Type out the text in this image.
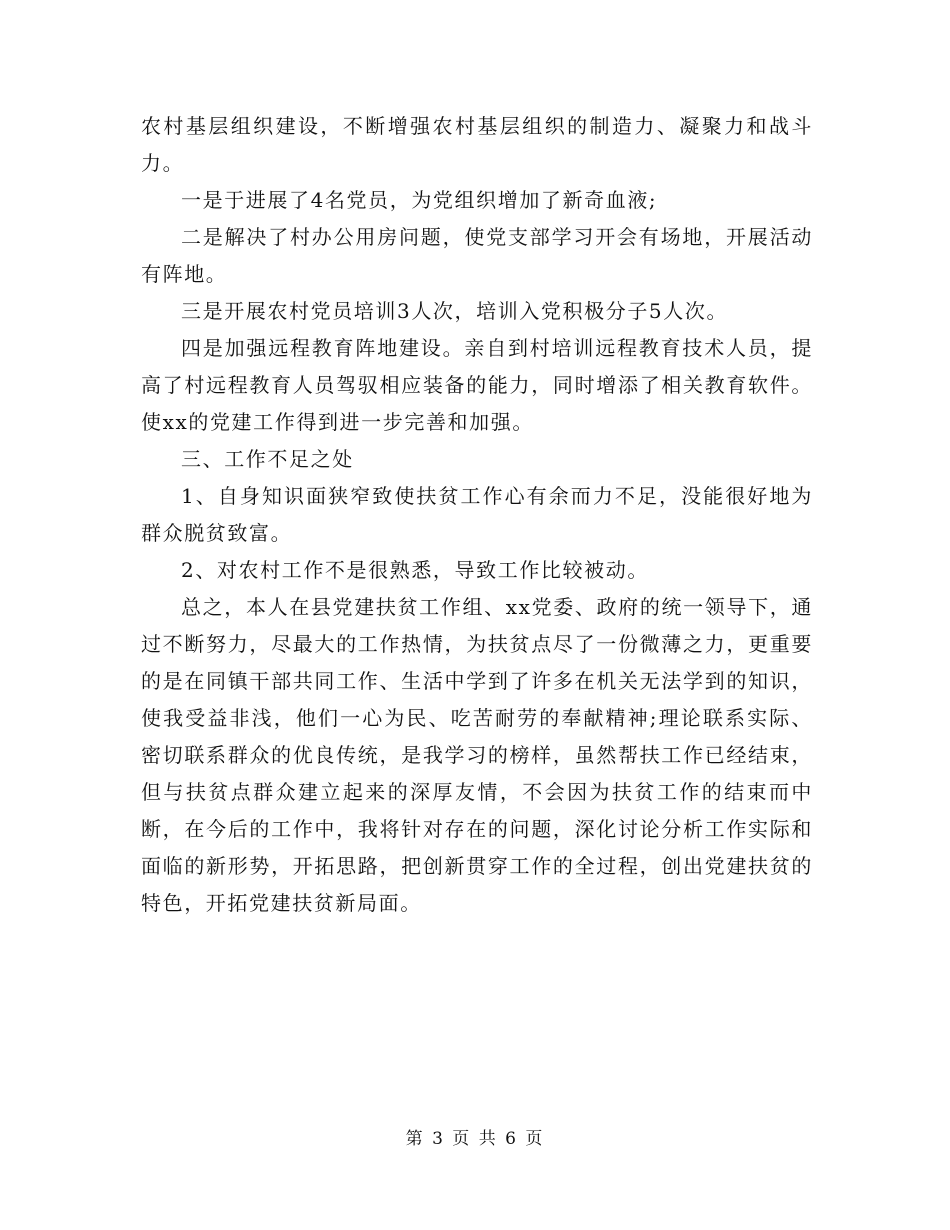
农村基层组织建设，不断增强农村基层组织的制造力、凝聚力和战斗力。

一是于进展了4名党员，为党组织增加了新奇血液;

二是解决了村办公用房问题，使党支部学习开会有场地，开展活动有阵地。

三是开展农村党员培训3人次，培训入党积极分子5人次。

四是加强远程教育阵地建设。亲自到村培训远程教育技术人员，提高了村远程教育人员驾驭相应装备的能力，同时增添了相关教育软件。使xx的党建工作得到进一步完善和加强。

三、工作不足之处

1、自身知识面狭窄致使扶贫工作心有余而力不足，没能很好地为群众脱贫致富。

2、对农村工作不是很熟悉，导致工作比较被动。

总之，本人在县党建扶贫工作组、xx党委、政府的统一领导下，通过不断努力，尽最大的工作热情，为扶贫点尽了一份微薄之力，更重要的是在同镇干部共同工作、生活中学到了许多在机关无法学到的知识，使我受益非浅，他们一心为民、吃苦耐劳的奉献精神;理论联系实际、密切联系群众的优良传统，是我学习的榜样，虽然帮扶工作已经结束，但与扶贫点群众建立起来的深厚友情，不会因为扶贫工作的结束而中断，在今后的工作中，我将针对存在的问题，深化讨论分析工作实际和面临的新形势，开拓思路，把创新贯穿工作的全过程，创出党建扶贫的特色，开拓党建扶贫新局面。

第 3 页 共 6 页
